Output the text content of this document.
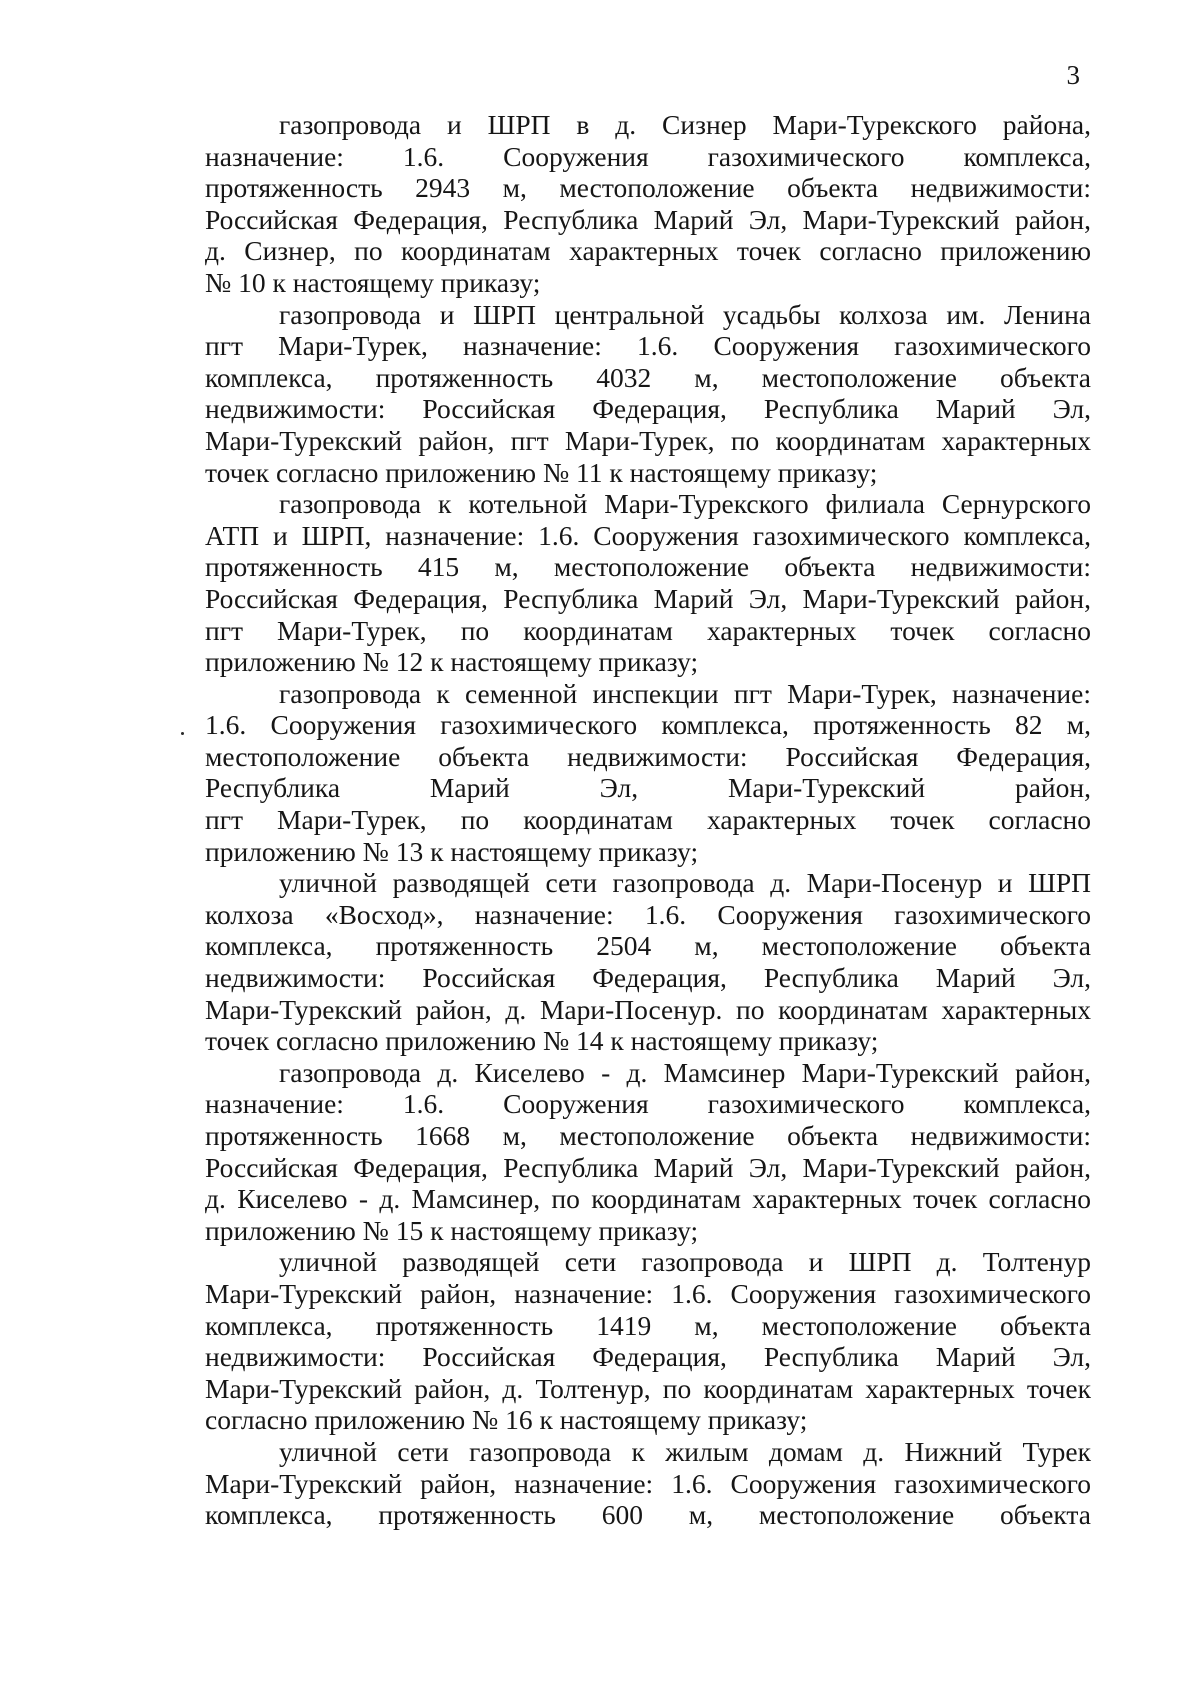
3

газопровода и ШРП в д. Сизнер Мари-Турекского района,
назначение: 1.6. Сооружения газохимического комплекса,
протяженность 2943 м, местоположение объекта недвижимости:
Российская Федерация, Республика Марий Эл, Мари-Турекский район,
д. Сизнер, по координатам характерных точек согласно приложению
№ 10 к настоящему приказу;

газопровода и ШРП центральной усадьбы колхоза им. Ленина
пгт Мари-Турек, назначение: 1.6. Сооружения газохимического
комплекса, протяженность 4032 м, местоположение объекта
недвижимости: Российская Федерация, Республика Марий Эл,
Мари-Турекский район, пгт Мари-Турек, по координатам характерных
точек согласно приложению № 11 к настоящему приказу;

газопровода к котельной Мари-Турекского филиала Сернурского
АТП и ШРП, назначение: 1.6. Сооружения газохимического комплекса,
протяженность 415 м, местоположение объекта недвижимости:
Российская Федерация, Республика Марий Эл, Мари-Турекский район,
пгт Мари-Турек, по координатам характерных точек согласно
приложению № 12 к настоящему приказу;

газопровода к семенной инспекции пгт Мари-Турек, назначение:
1.6. Сооружения газохимического комплекса, протяженность 82 м,
местоположение объекта недвижимости: Российская Федерация,
Республика Марий Эл, Мари-Турекский район,
пгт Мари-Турек, по координатам характерных точек согласно
приложению № 13 к настоящему приказу;

уличной разводящей сети газопровода д. Мари-Посенур и ШРП
колхоза «Восход», назначение: 1.6. Сооружения газохимического
комплекса, протяженность 2504 м, местоположение объекта
недвижимости: Российская Федерация, Республика Марий Эл,
Мари-Турекский район, д. Мари-Посенур. по координатам характерных
точек согласно приложению № 14 к настоящему приказу;

газопровода д. Киселево - д. Мамсинер Мари-Турекский район,
назначение: 1.6. Сооружения газохимического комплекса,
протяженность 1668 м, местоположение объекта недвижимости:
Российская Федерация, Республика Марий Эл, Мари-Турекский район,
д. Киселево - д. Мамсинер, по координатам характерных точек согласно
приложению № 15 к настоящему приказу;

уличной разводящей сети газопровода и ШРП д. Толтенур
Мари-Турекский район, назначение: 1.6. Сооружения газохимического
комплекса, протяженность 1419 м, местоположение объекта
недвижимости: Российская Федерация, Республика Марий Эл,
Мари-Турекский район, д. Толтенур, по координатам характерных точек
согласно приложению № 16 к настоящему приказу;

уличной сети газопровода к жилым домам д. Нижний Турек
Мари-Турекский район, назначение: 1.6. Сооружения газохимического
комплекса, протяженность 600 м, местоположение объекта
